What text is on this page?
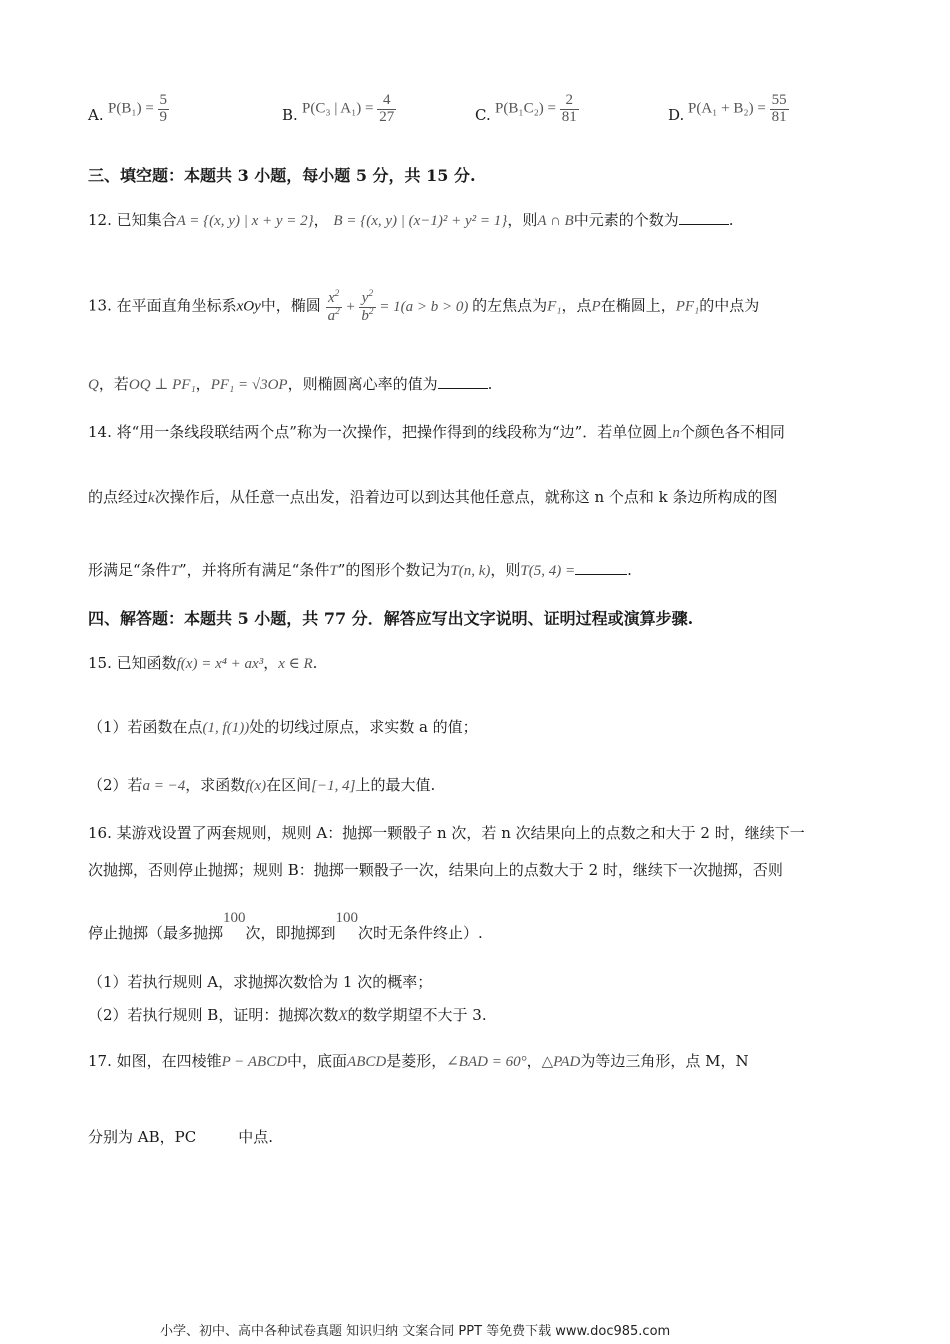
A. $P(B_1) = \frac{5}{9}$	B. P(C₃ | $A_1) = \frac{4}{27}$	C. $P(B_1C_2) = \frac{2}{81}$	D. $P(A_1 + B_2) = \frac{55}{81}$
三、填空题：本题共 3 小题，每小题 5 分，共 15 分.
12. 已知集合A = {(x, y) | x + y = 2}， B = {(x, y) | (x−1)² + y² = 1}，则A ∩ B中元素的个数为	.
13. 在平面直角坐标系xOy中，椭圆 $\frac{x^2}{a^2} + \frac{y^2}{b^2} = 1(a > b > 0)$ 的左焦点为F₁，点P在椭圆上，PF₁的中点为
Q，若OQ ⊥ PF₁，PF₁ = √3OP，则椭圆离心率的值为	.
14. 将“用一条线段联结两个点”称为一次操作，把操作得到的线段称为“边”．若单位圆上n个颜色各不相同
的点经过k次操作后，从任意一点出发，沿着边可以到达其他任意点，就称这 n 个点和 k 条边所构成的图
形满足“条件T”，并将所有满足“条件T”的图形个数记为T(n, k)，则T(5, 4) =	.
四、解答题：本题共 5 小题，共 77 分．解答应写出文字说明、证明过程或演算步骤.
15. 已知函数f(x) = x⁴ + ax³，x ∈ R.
（1）若函数在点(1, f(1))处的切线过原点，求实数 a 的值；
（2）若a = −4，求函数f(x)在区间[−1, 4]上的最大值.
16. 某游戏设置了两套规则，规则 A：抛掷一颗骰子 n 次，若 n 次结果向上的点数之和大于 2 时，继续下一
次抛掷，否则停止抛掷；规则 B：抛掷一颗骰子一次，结果向上的点数大于 2 时，继续下一次抛掷，否则
停止抛掷（最多抛掷100次，即抛掷到100次时无条件终止）.
（1）若执行规则 A，求抛掷次数恰为 1 次的概率；
（2）若执行规则 B，证明：抛掷次数X的数学期望不大于 3.
17. 如图，在四棱锥P − ABCD中，底面ABCD是菱形，∠BAD = 60°，△PAD为等边三角形，点 M，N
分别为 AB，PC	中点.
小学、初中、高中各种试卷真题 知识归纳 文案合同 PPT 等免费下载 www.doc985.com
